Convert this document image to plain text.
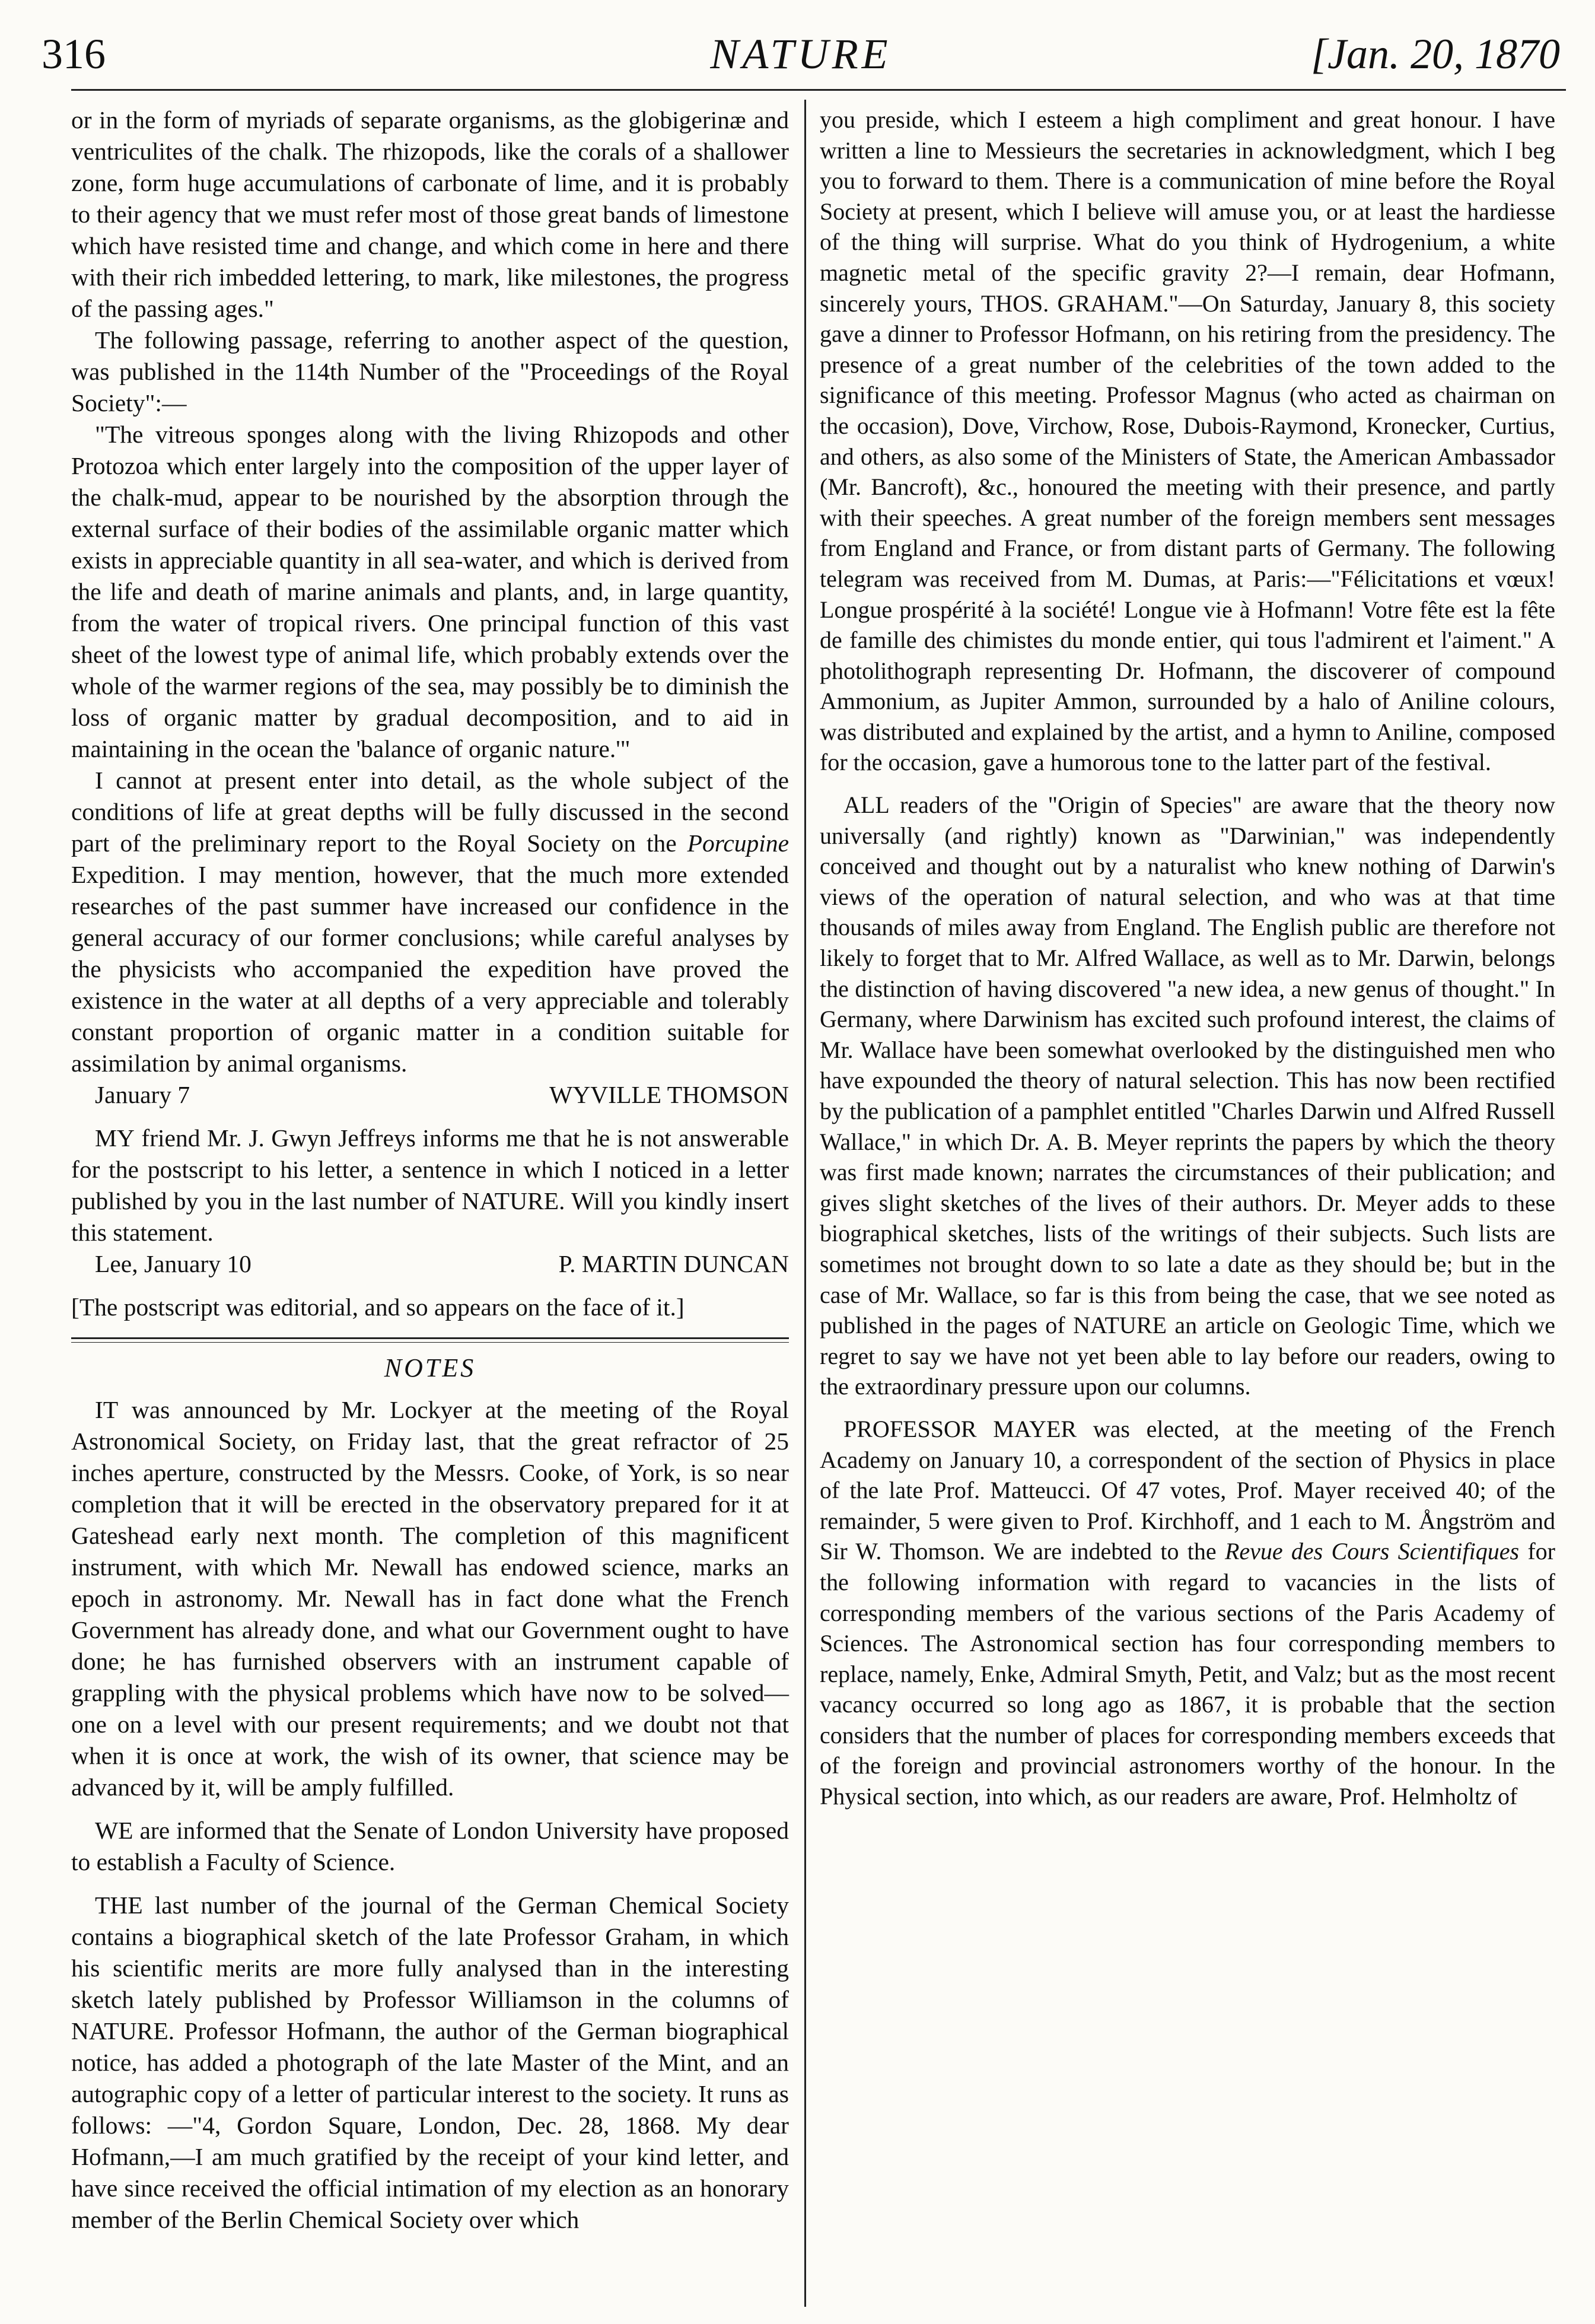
316	NATURE	[Jan. 20, 1870

or in the form of myriads of separate organisms, as the globigerinæ and ventriculites of the chalk. The rhizopods, like the corals of a shallower zone, form huge accumulations of carbonate of lime, and it is probably to their agency that we must refer most of those great bands of limestone which have resisted time and change, and which come in here and there with their rich imbedded lettering, to mark, like milestones, the progress of the passing ages."

The following passage, referring to another aspect of the question, was published in the 114th Number of the "Proceedings of the Royal Society":—

"The vitreous sponges along with the living Rhizopods and other Protozoa which enter largely into the composition of the upper layer of the chalk-mud, appear to be nourished by the absorption through the external surface of their bodies of the assimilable organic matter which exists in appreciable quantity in all sea-water, and which is derived from the life and death of marine animals and plants, and, in large quantity, from the water of tropical rivers. One principal function of this vast sheet of the lowest type of animal life, which probably extends over the whole of the warmer regions of the sea, may possibly be to diminish the loss of organic matter by gradual decomposition, and to aid in maintaining in the ocean the 'balance of organic nature.'"

I cannot at present enter into detail, as the whole subject of the conditions of life at great depths will be fully discussed in the second part of the preliminary report to the Royal Society on the Porcupine Expedition. I may mention, however, that the much more extended researches of the past summer have increased our confidence in the general accuracy of our former conclusions; while careful analyses by the physicists who accompanied the expedition have proved the existence in the water at all depths of a very appreciable and tolerably constant proportion of organic matter in a condition suitable for assimilation by animal organisms.

January 7	WYVILLE THOMSON

MY friend Mr. J. Gwyn Jeffreys informs me that he is not answerable for the postscript to his letter, a sentence in which I noticed in a letter published by you in the last number of NATURE. Will you kindly insert this statement.

Lee, January 10	P. MARTIN DUNCAN

[The postscript was editorial, and so appears on the face of it.]

NOTES

IT was announced by Mr. Lockyer at the meeting of the Royal Astronomical Society, on Friday last, that the great refractor of 25 inches aperture, constructed by the Messrs. Cooke, of York, is so near completion that it will be erected in the observatory prepared for it at Gateshead early next month. The completion of this magnificent instrument, with which Mr. Newall has endowed science, marks an epoch in astronomy. Mr. Newall has in fact done what the French Government has already done, and what our Government ought to have done; he has furnished observers with an instrument capable of grappling with the physical problems which have now to be solved—one on a level with our present requirements; and we doubt not that when it is once at work, the wish of its owner, that science may be advanced by it, will be amply fulfilled.

WE are informed that the Senate of London University have proposed to establish a Faculty of Science.

THE last number of the journal of the German Chemical Society contains a biographical sketch of the late Professor Graham, in which his scientific merits are more fully analysed than in the interesting sketch lately published by Professor Williamson in the columns of NATURE. Professor Hofmann, the author of the German biographical notice, has added a photograph of the late Master of the Mint, and an autographic copy of a letter of particular interest to the society. It runs as follows: —"4, Gordon Square, London, Dec. 28, 1868. My dear Hofmann,—I am much gratified by the receipt of your kind letter, and have since received the official intimation of my election as an honorary member of the Berlin Chemical Society over which

you preside, which I esteem a high compliment and great honour. I have written a line to Messieurs the secretaries in acknowledgment, which I beg you to forward to them. There is a communication of mine before the Royal Society at present, which I believe will amuse you, or at least the hardiesse of the thing will surprise. What do you think of Hydrogenium, a white magnetic metal of the specific gravity 2?—I remain, dear Hofmann, sincerely yours, THOS. GRAHAM."—On Saturday, January 8, this society gave a dinner to Professor Hofmann, on his retiring from the presidency. The presence of a great number of the celebrities of the town added to the significance of this meeting. Professor Magnus (who acted as chairman on the occasion), Dove, Virchow, Rose, Dubois-Raymond, Kronecker, Curtius, and others, as also some of the Ministers of State, the American Ambassador (Mr. Bancroft), &c., honoured the meeting with their presence, and partly with their speeches. A great number of the foreign members sent messages from England and France, or from distant parts of Germany. The following telegram was received from M. Dumas, at Paris:—"Félicitations et vœux! Longue prospérité à la société! Longue vie à Hofmann! Votre fête est la fête de famille des chimistes du monde entier, qui tous l'admirent et l'aiment." A photolithograph representing Dr. Hofmann, the discoverer of compound Ammonium, as Jupiter Ammon, surrounded by a halo of Aniline colours, was distributed and explained by the artist, and a hymn to Aniline, composed for the occasion, gave a humorous tone to the latter part of the festival.

ALL readers of the "Origin of Species" are aware that the theory now universally (and rightly) known as "Darwinian," was independently conceived and thought out by a naturalist who knew nothing of Darwin's views of the operation of natural selection, and who was at that time thousands of miles away from England. The English public are therefore not likely to forget that to Mr. Alfred Wallace, as well as to Mr. Darwin, belongs the distinction of having discovered "a new idea, a new genus of thought." In Germany, where Darwinism has excited such profound interest, the claims of Mr. Wallace have been somewhat overlooked by the distinguished men who have expounded the theory of natural selection. This has now been rectified by the publication of a pamphlet entitled "Charles Darwin und Alfred Russell Wallace," in which Dr. A. B. Meyer reprints the papers by which the theory was first made known; narrates the circumstances of their publication; and gives slight sketches of the lives of their authors. Dr. Meyer adds to these biographical sketches, lists of the writings of their subjects. Such lists are sometimes not brought down to so late a date as they should be; but in the case of Mr. Wallace, so far is this from being the case, that we see noted as published in the pages of NATURE an article on Geologic Time, which we regret to say we have not yet been able to lay before our readers, owing to the extraordinary pressure upon our columns.

PROFESSOR MAYER was elected, at the meeting of the French Academy on January 10, a correspondent of the section of Physics in place of the late Prof. Matteucci. Of 47 votes, Prof. Mayer received 40; of the remainder, 5 were given to Prof. Kirchhoff, and 1 each to M. Ångström and Sir W. Thomson. We are indebted to the Revue des Cours Scientifiques for the following information with regard to vacancies in the lists of corresponding members of the various sections of the Paris Academy of Sciences. The Astronomical section has four corresponding members to replace, namely, Enke, Admiral Smyth, Petit, and Valz; but as the most recent vacancy occurred so long ago as 1867, it is probable that the section considers that the number of places for corresponding members exceeds that of the foreign and provincial astronomers worthy of the honour. In the Physical section, into which, as our readers are aware, Prof. Helmholtz of
